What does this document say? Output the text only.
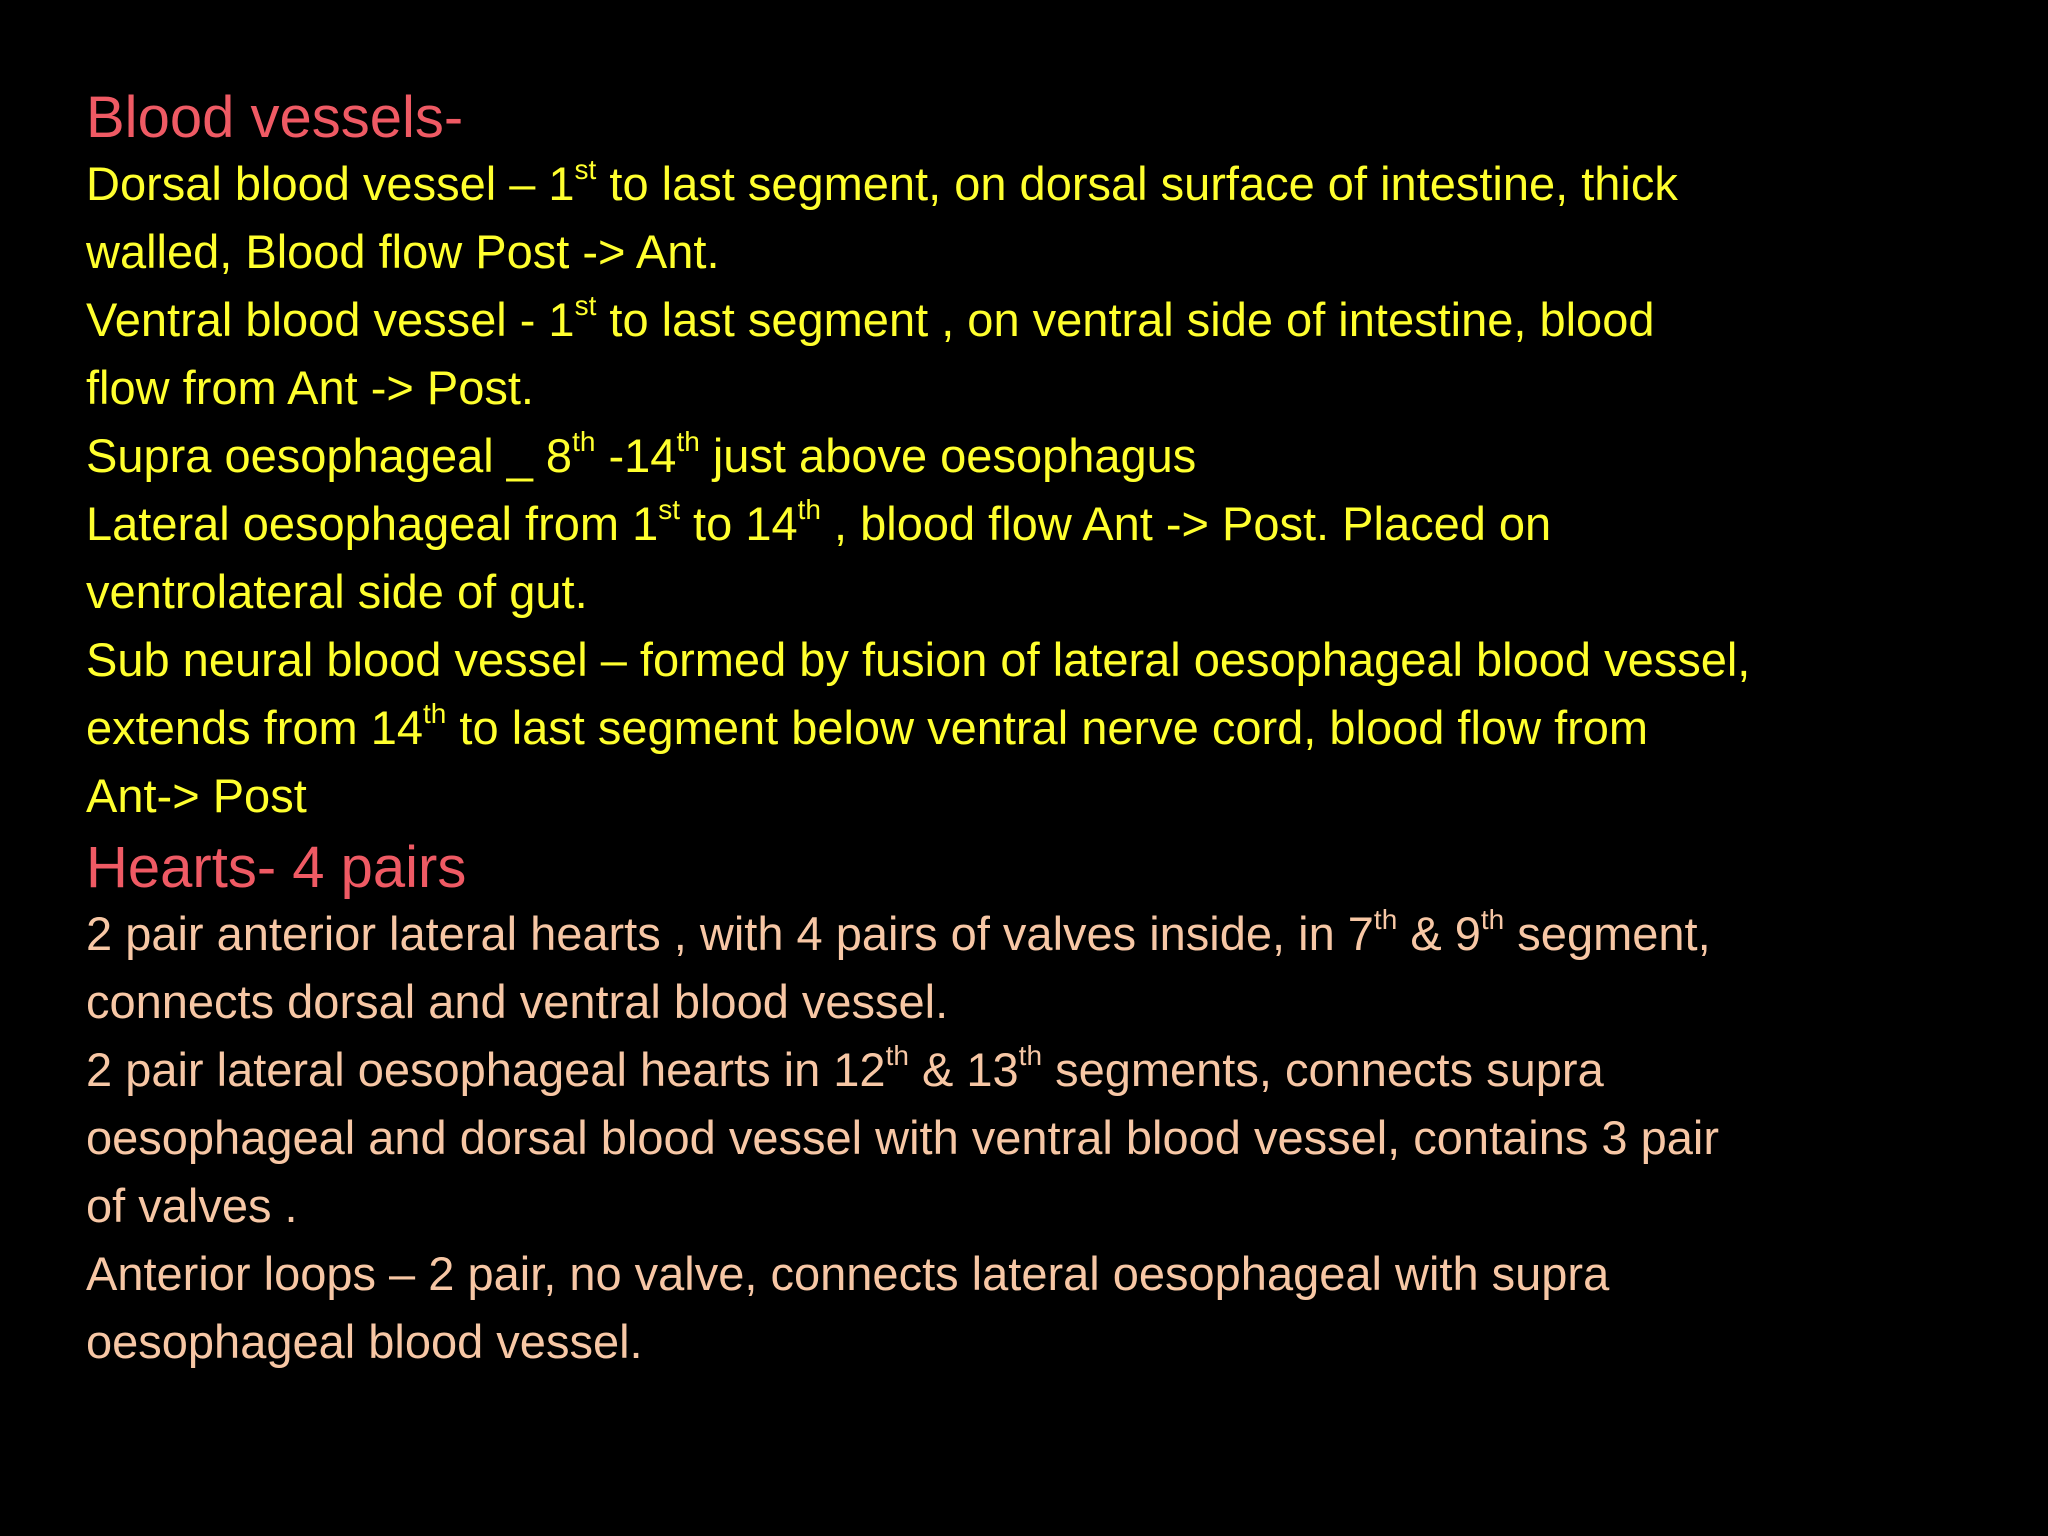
Blood vessels-

Dorsal blood vessel – 1st to last segment, on dorsal surface of intestine, thick

walled, Blood flow Post -> Ant.

Ventral blood vessel - 1st to last segment , on ventral side of intestine, blood

flow from Ant -> Post.

Supra oesophageal _ 8th -14th just above oesophagus

Lateral oesophageal from 1st to 14th , blood flow Ant -> Post. Placed on

ventrolateral side of gut.

Sub neural blood vessel – formed by fusion of lateral oesophageal blood vessel,

extends from 14th to last segment below ventral nerve cord, blood flow from

Ant-> Post

Hearts- 4 pairs

2 pair anterior lateral hearts , with 4 pairs of valves inside, in 7th & 9th segment,

connects dorsal and ventral blood vessel.

2 pair lateral oesophageal hearts in 12th & 13th segments, connects supra

oesophageal and dorsal blood vessel with ventral blood vessel, contains 3 pair

of valves .

Anterior loops – 2 pair, no valve, connects lateral oesophageal with supra

oesophageal blood vessel.
